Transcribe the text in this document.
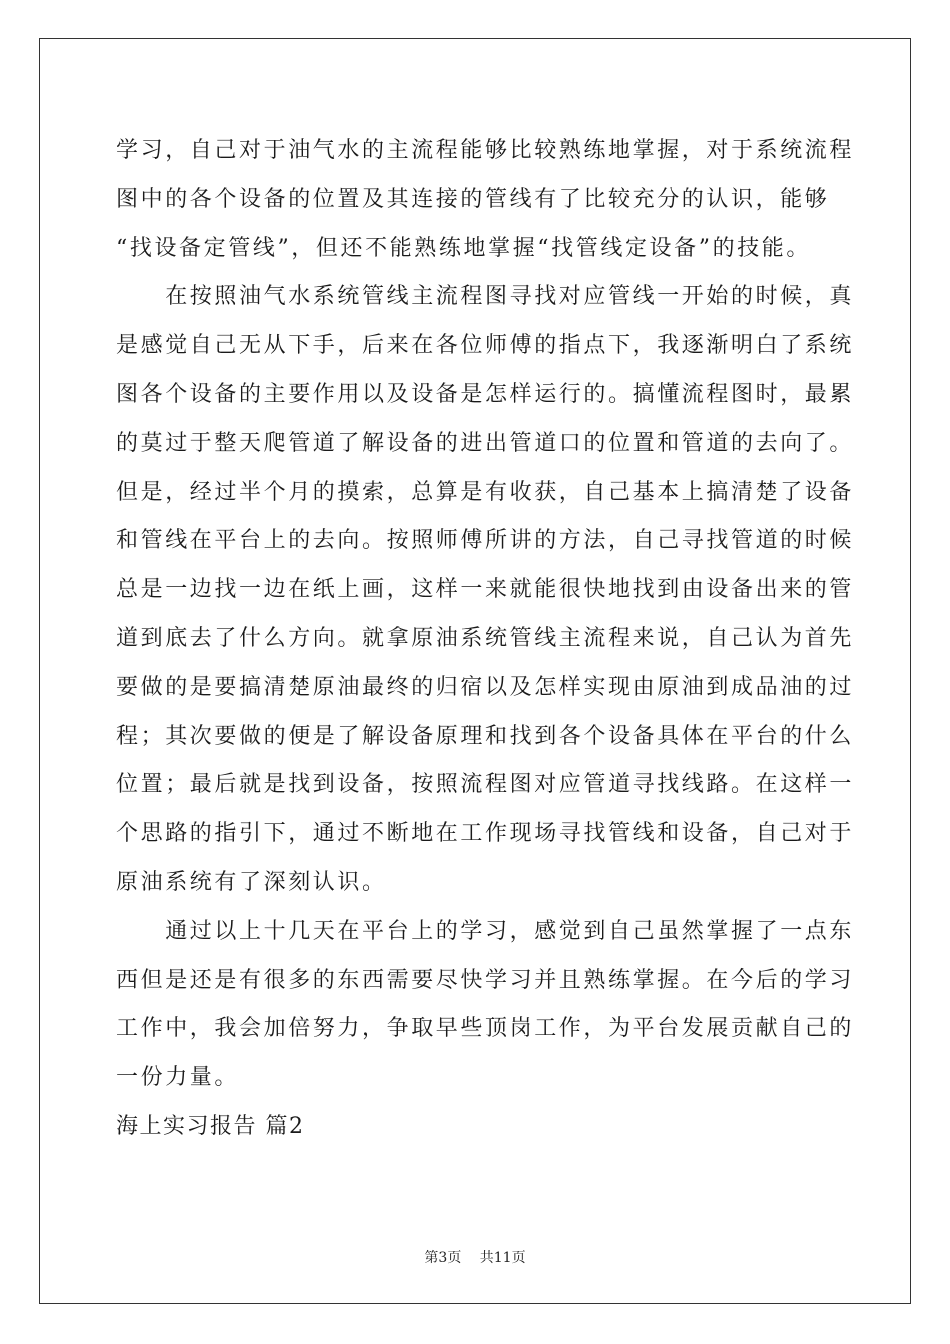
学习，自己对于油气水的主流程能够比较熟练地掌握，对于系统流程
图中的各个设备的位置及其连接的管线有了比较充分的认识，能够
“找设备定管线”，但还不能熟练地掌握“找管线定设备”的技能。
　　在按照油气水系统管线主流程图寻找对应管线一开始的时候，真
是感觉自己无从下手，后来在各位师傅的指点下，我逐渐明白了系统
图各个设备的主要作用以及设备是怎样运行的。搞懂流程图时，最累
的莫过于整天爬管道了解设备的进出管道口的位置和管道的去向了。
但是，经过半个月的摸索，总算是有收获，自己基本上搞清楚了设备
和管线在平台上的去向。按照师傅所讲的方法，自己寻找管道的时候
总是一边找一边在纸上画，这样一来就能很快地找到由设备出来的管
道到底去了什么方向。就拿原油系统管线主流程来说，自己认为首先
要做的是要搞清楚原油最终的归宿以及怎样实现由原油到成品油的过
程；其次要做的便是了解设备原理和找到各个设备具体在平台的什么
位置；最后就是找到设备，按照流程图对应管道寻找线路。在这样一
个思路的指引下，通过不断地在工作现场寻找管线和设备，自己对于
原油系统有了深刻认识。
　　通过以上十几天在平台上的学习，感觉到自己虽然掌握了一点东
西但是还是有很多的东西需要尽快学习并且熟练掌握。在今后的学习
工作中，我会加倍努力，争取早些顶岗工作，为平台发展贡献自己的
一份力量。
海上实习报告 篇2
第3页　 共11页
